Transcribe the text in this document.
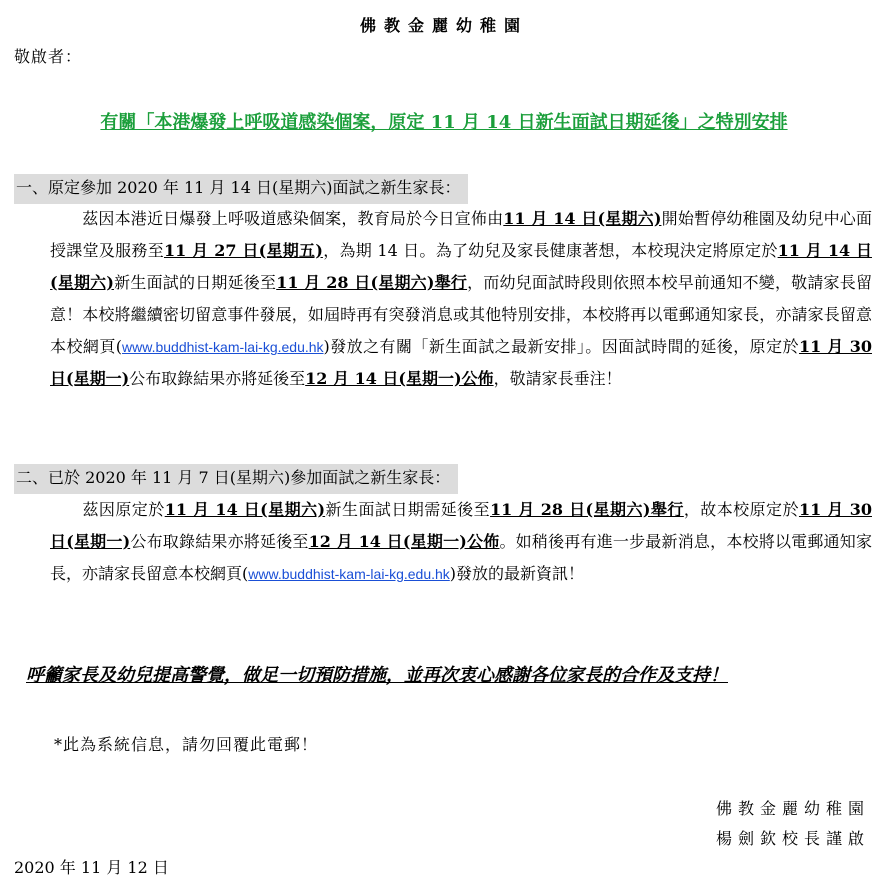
佛教金麗幼稚園
敬啟者：
有關「本港爆發上呼吸道感染個案，原定 11 月 14 日新生面試日期延後」之特別安排
一、原定參加 2020 年 11 月 14 日(星期六)面試之新生家長：
茲因本港近日爆發上呼吸道感染個案，教育局於今日宣佈由11 月 14 日(星期六)開始暫停幼稚園及幼兒中心面授課堂及服務至11 月 27 日(星期五)，為期 14 日。為了幼兒及家長健康著想，本校現決定將原定於11 月 14 日(星期六)新生面試的日期延後至11 月 28 日(星期六)舉行，而幼兒面試時段則依照本校早前通知不變，敬請家長留意！本校將繼續密切留意事件發展，如屆時再有突發消息或其他特別安排，本校將再以電郵通知家長，亦請家長留意本校網頁(www.buddhist-kam-lai-kg.edu.hk)發放之有關「新生面試之最新安排」。因面試時間的延後，原定於11 月 30 日(星期一)公布取錄結果亦將延後至12 月 14 日(星期一)公佈，敬請家長垂注！
二、已於 2020 年 11 月 7 日(星期六)參加面試之新生家長：
茲因原定於11 月 14 日(星期六)新生面試日期需延後至11 月 28 日(星期六)舉行，故本校原定於11 月 30 日(星期一)公布取錄結果亦將延後至12 月 14 日(星期一)公佈。如稍後再有進一步最新消息，本校將以電郵通知家長，亦請家長留意本校網頁(www.buddhist-kam-lai-kg.edu.hk)發放的最新資訊！
呼籲家長及幼兒提高警覺，做足一切預防措施，並再次衷心感謝各位家長的合作及支持！
*此為系統信息，請勿回覆此電郵！
佛教金麗幼稚園
楊劍欽校長謹啟
2020 年 11 月 12 日
